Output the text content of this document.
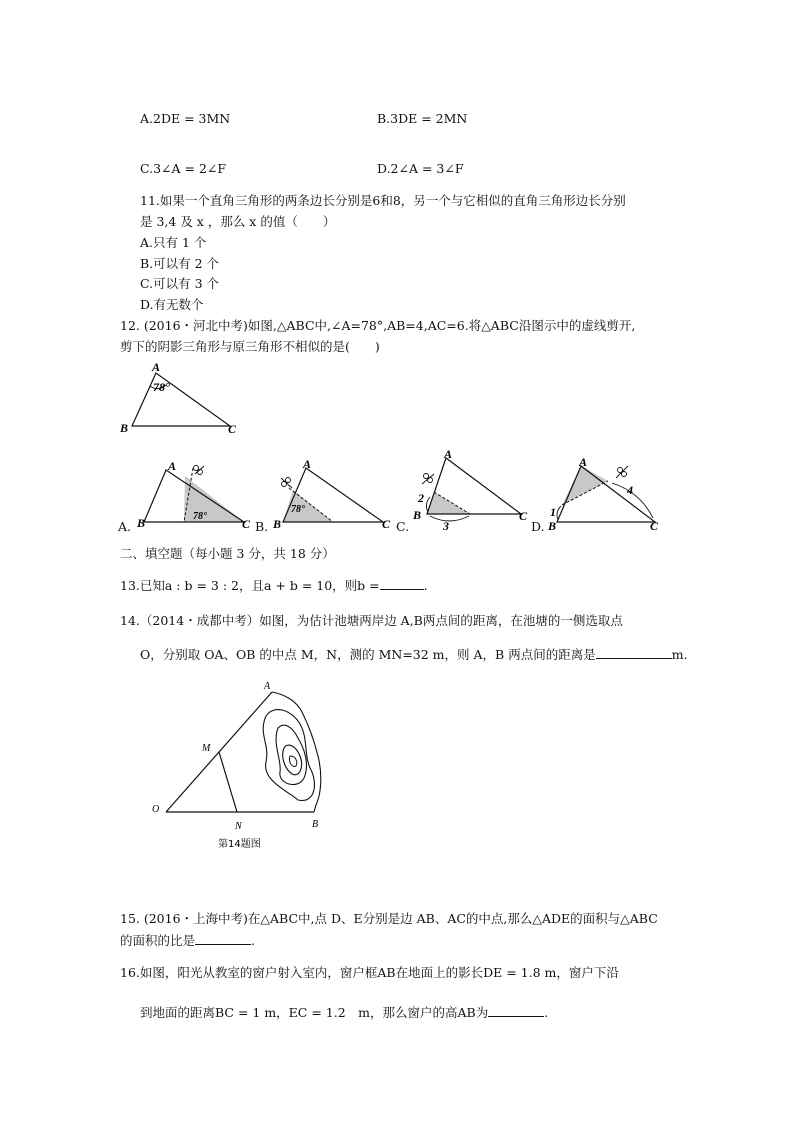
A.2DE = 3MN	B.3DE = 2MN
C.3∠A = 2∠F	D.2∠A = 3∠F
11.如果一个直角三角形的两条边长分别是6和8，另一个与它相似的直角三角形边长分别
是 3,4 及 x ，那么 x 的值（　　）
A.只有 1 个
B.可以有 2 个
C.可以有 3 个
D.有无数个
12. (2016・河北中考)如图,△ABC中,∠A=78°,AB=4,AC=6.将△ABC沿图示中的虚线剪开,
剪下的阴影三角形与原三角形不相似的是(　　)
A
B	C
78°
A
B	C
78°
A
B	C
78°
A
B	C
2
3
A
B	C
1
4
A.	B.	C.	D.
二、填空题（每小题 3 分，共 18 分）
13.已知a : b = 3 : 2，且a + b = 10，则b =	.
14.（2014・成都中考）如图，为估计池塘两岸边 A,B两点间的距离，在池塘的一侧选取点
O，分别取 OA、OB 的中点 M，N，测的 MN=32 m，则 A，B 两点间的距离是	m.
A
M
O
N	B
第14题图
15. (2016・上海中考)在△ABC中,点 D、E分别是边 AB、AC的中点,那么△ADE的面积与△ABC
的面积的比是	.
16.如图，阳光从教室的窗户射入室内，窗户框AB在地面上的影长DE = 1.8 m，窗户下沿
到地面的距离BC = 1 m，EC = 1.2　m，那么窗户的高AB为	.
